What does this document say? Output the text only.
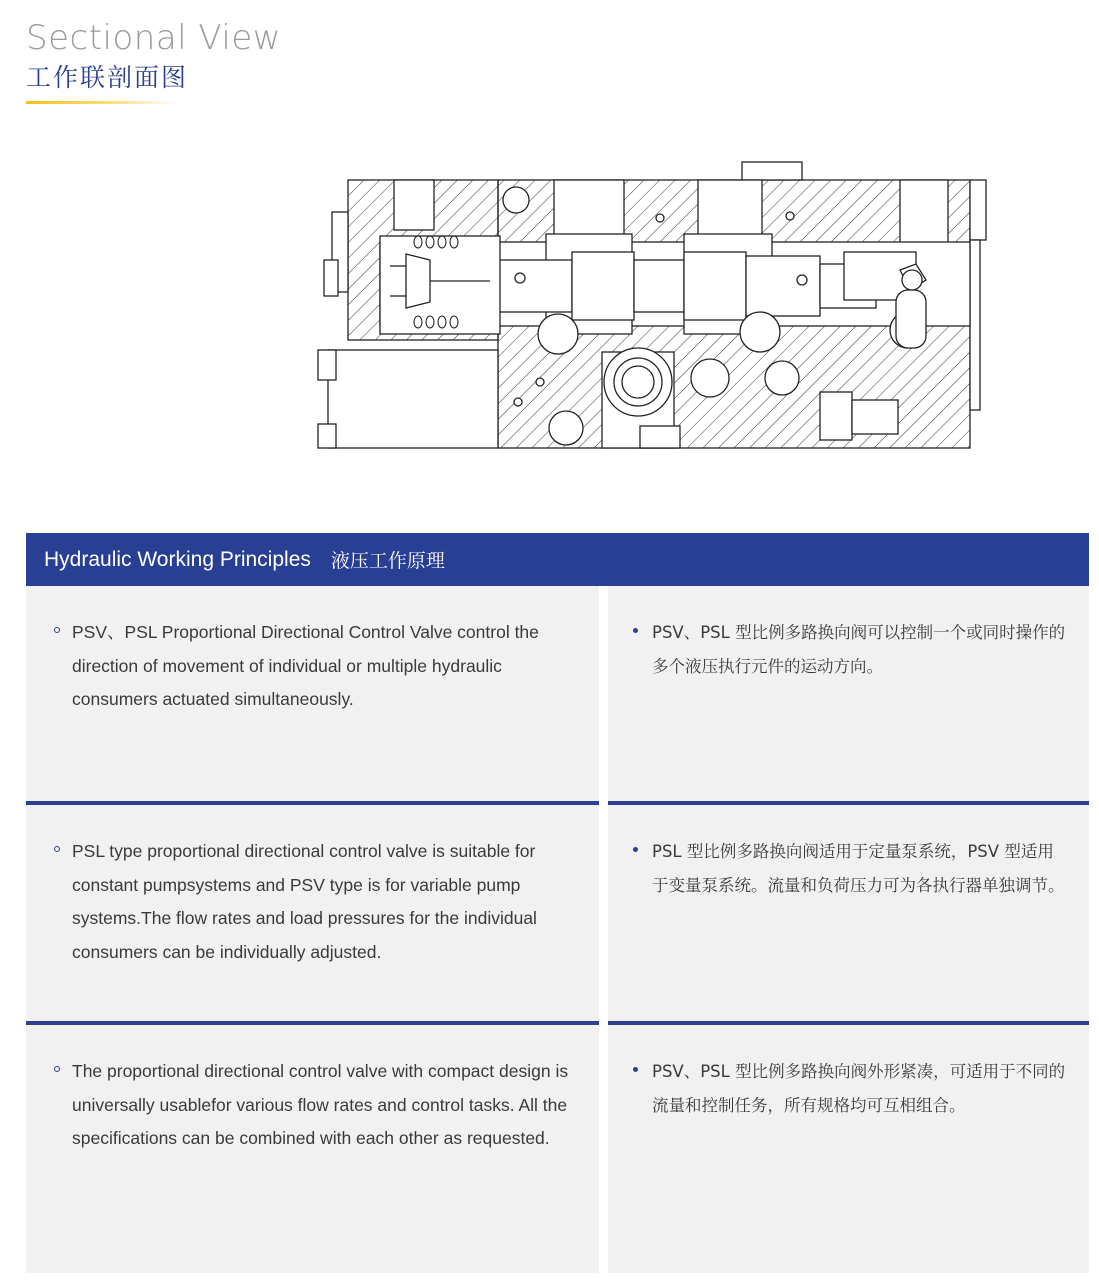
Sectional View
工作联剖面图
Hydraulic Working Principles 液压工作原理
PSV、PSL Proportional Directional Control Valve control the direction of movement of individual or multiple hydraulic consumers actuated simultaneously.
PSV、PSL 型比例多路换向阀可以控制一个或同时操作的多个液压执行元件的运动方向。
PSL type proportional directional control valve is suitable for constant pumpsystems and PSV type is for variable pump systems.The flow rates and load pressures for the individual consumers can be individually adjusted.
PSL 型比例多路换向阀适用于定量泵系统，PSV 型适用于变量泵系统。流量和负荷压力可为各执行器单独调节。
The proportional directional control valve with compact design is universally usablefor various flow rates and control tasks. All the specifications can be combined with each other as requested.
PSV、PSL 型比例多路换向阀外形紧凑，可适用于不同的流量和控制任务，所有规格均可互相组合。
